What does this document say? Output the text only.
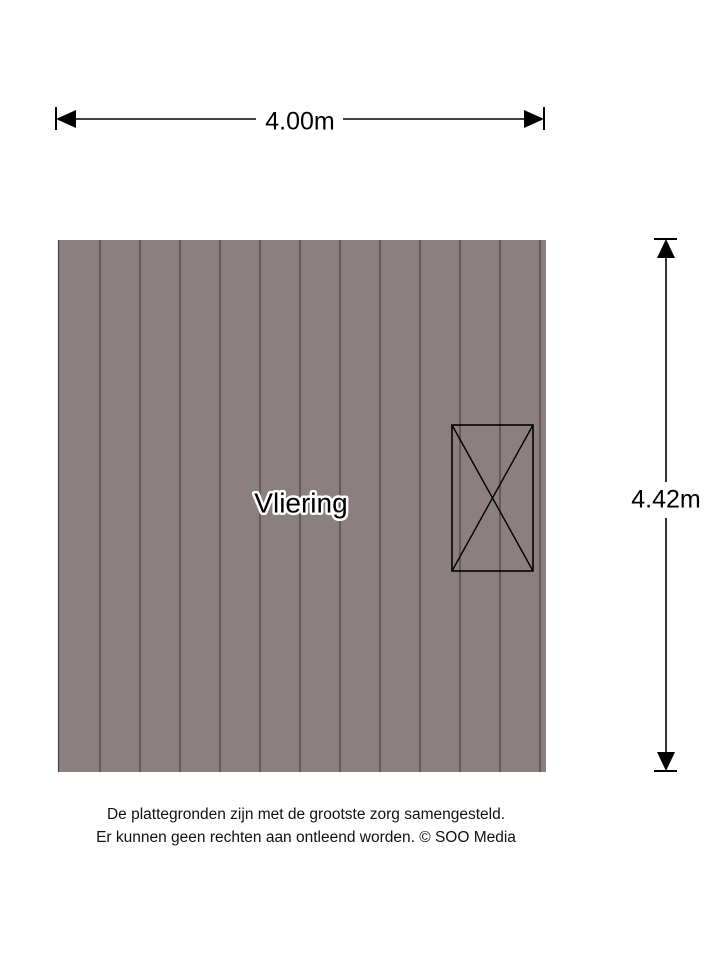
4.00m
4.42m
Vliering
De plattegronden zijn met de grootste zorg samengesteld.
Er kunnen geen rechten aan ontleend worden. © SOO Media
